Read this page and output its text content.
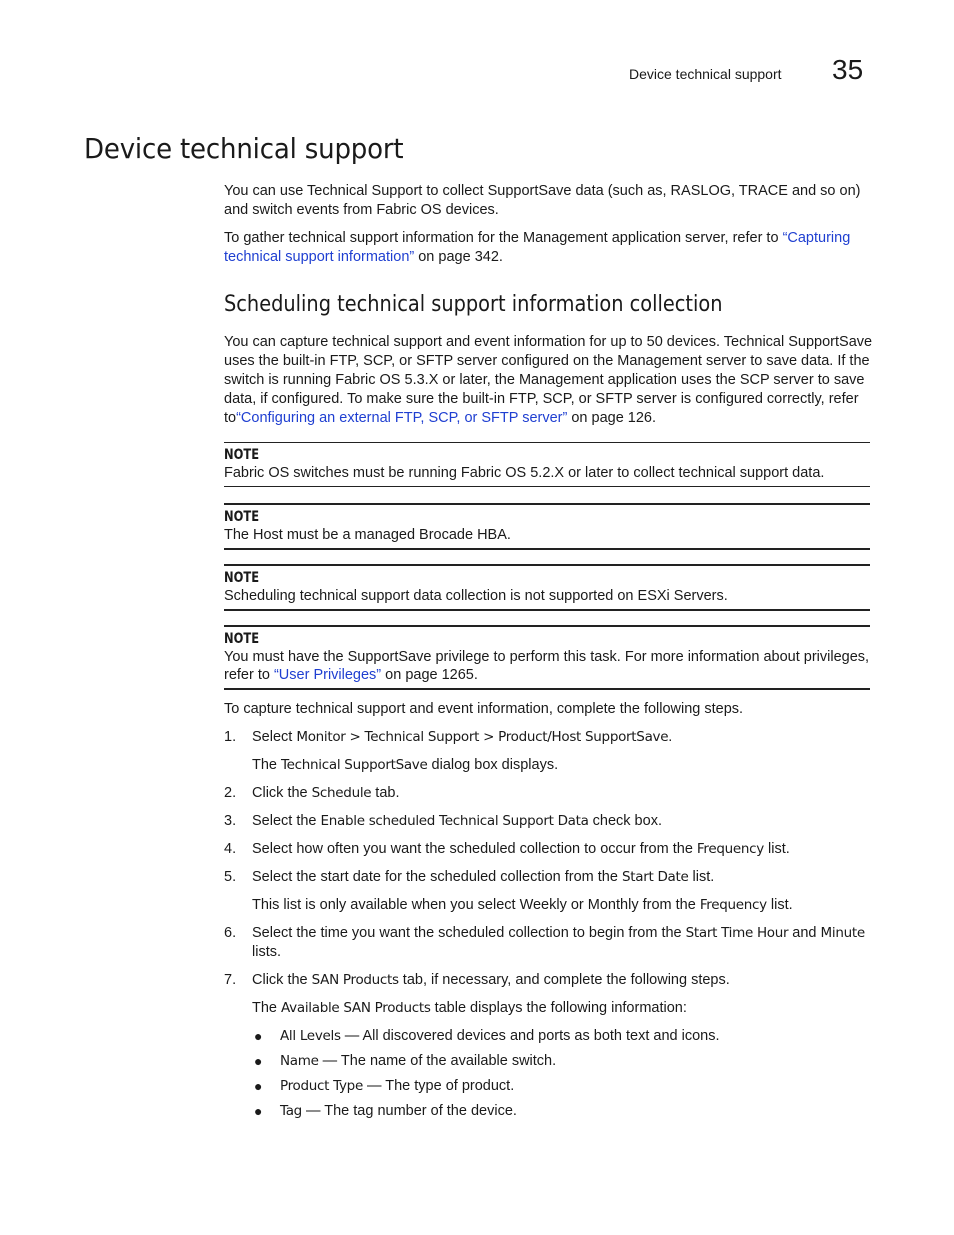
Device technical support 35
Device technical support

You can use Technical Support to collect SupportSave data (such as, RASLOG, TRACE and so on) and switch events from Fabric OS devices.

To gather technical support information for the Management application server, refer to “Capturing technical support information” on page 342.

Scheduling technical support information collection

You can capture technical support and event information for up to 50 devices. Technical SupportSave uses the built-in FTP, SCP, or SFTP server configured on the Management server to save data. If the switch is running Fabric OS 5.3.X or later, the Management application uses the SCP server to save data, if configured. To make sure the built-in FTP, SCP, or SFTP server is configured correctly, refer to“Configuring an external FTP, SCP, or SFTP server” on page 126.

NOTE
Fabric OS switches must be running Fabric OS 5.2.X or later to collect technical support data.
NOTE
The Host must be a managed Brocade HBA.
NOTE
Scheduling technical support data collection is not supported on ESXi Servers.
NOTE
You must have the SupportSave privilege to perform this task. For more information about privileges, refer to “User Privileges” on page 1265.

To capture technical support and event information, complete the following steps.

1. Select Monitor > Technical Support > Product/Host SupportSave.
The Technical SupportSave dialog box displays.
2. Click the Schedule tab.
3. Select the Enable scheduled Technical Support Data check box.
4. Select how often you want the scheduled collection to occur from the Frequency list.
5. Select the start date for the scheduled collection from the Start Date list.
This list is only available when you select Weekly or Monthly from the Frequency list.
6. Select the time you want the scheduled collection to begin from the Start Time Hour and Minute lists.
7. Click the SAN Products tab, if necessary, and complete the following steps.
The Available SAN Products table displays the following information:
● All Levels — All discovered devices and ports as both text and icons.
● Name — The name of the available switch.
● Product Type — The type of product.
● Tag — The tag number of the device.
